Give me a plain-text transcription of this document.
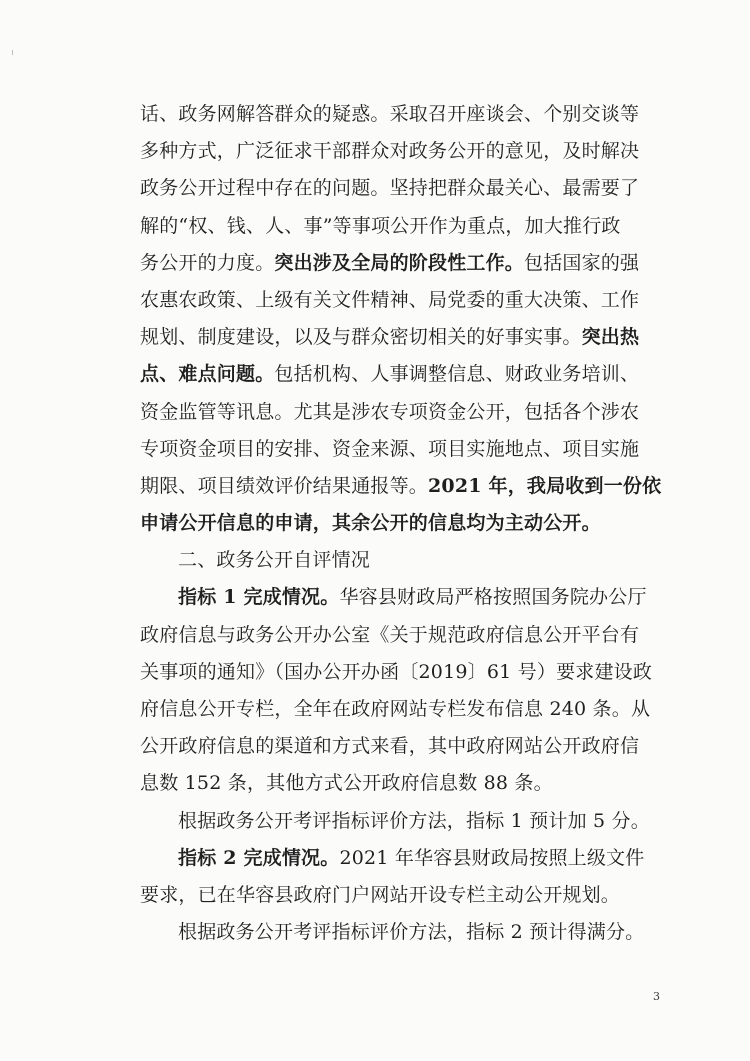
话、政务网解答群众的疑惑。采取召开座谈会、个别交谈等
多种方式，广泛征求干部群众对政务公开的意见，及时解决
政务公开过程中存在的问题。坚持把群众最关心、最需要了
解的“权、钱、人、事”等事项公开作为重点，加大推行政
务公开的力度。突出涉及全局的阶段性工作。包括国家的强
农惠农政策、上级有关文件精神、局党委的重大决策、工作
规划、制度建设，以及与群众密切相关的好事实事。突出热
点、难点问题。包括机构、人事调整信息、财政业务培训、
资金监管等讯息。尤其是涉农专项资金公开，包括各个涉农
专项资金项目的安排、资金来源、项目实施地点、项目实施
期限、项目绩效评价结果通报等。2021 年，我局收到一份依
申请公开信息的申请，其余公开的信息均为主动公开。
二、政务公开自评情况
指标 1 完成情况。华容县财政局严格按照国务院办公厅
政府信息与政务公开办公室《关于规范政府信息公开平台有
关事项的通知》（国办公开办函〔2019〕61 号）要求建设政
府信息公开专栏，全年在政府网站专栏发布信息 240 条。从
公开政府信息的渠道和方式来看，其中政府网站公开政府信
息数 152 条，其他方式公开政府信息数 88 条。
根据政务公开考评指标评价方法，指标 1 预计加 5 分。
指标 2 完成情况。2021 年华容县财政局按照上级文件
要求，已在华容县政府门户网站开设专栏主动公开规划。
根据政务公开考评指标评价方法，指标 2 预计得满分。
3
